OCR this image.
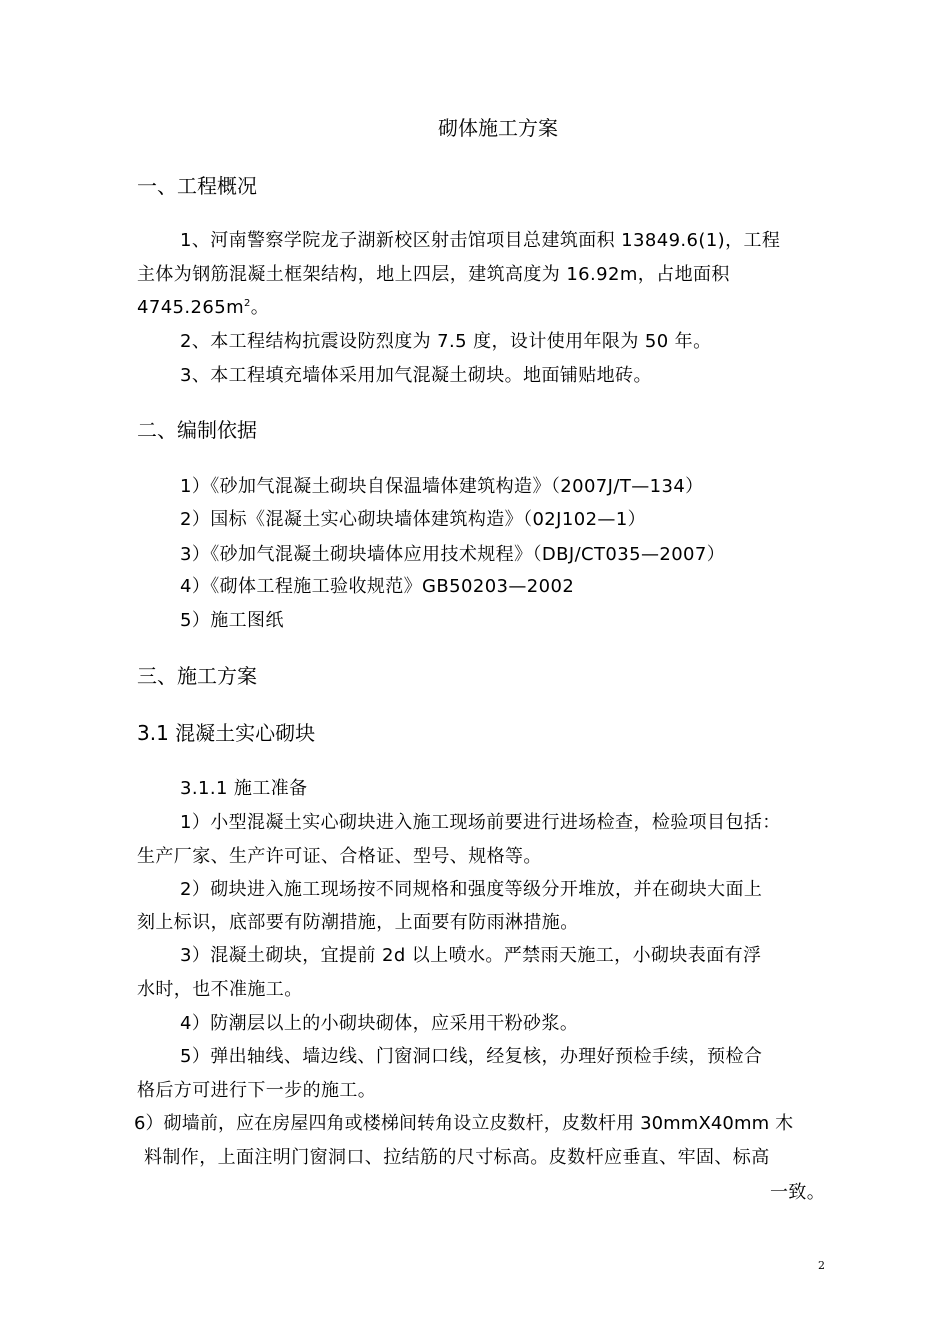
砌体施工方案
一、工程概况
1、河南警察学院龙子湖新校区射击馆项目总建筑面积 13849.6(1)，工程
主体为钢筋混凝土框架结构，地上四层，建筑高度为 16.92m，占地面积
$4745.265m^2$。
2、本工程结构抗震设防烈度为 7.5 度，设计使用年限为 50 年。
3、本工程填充墙体采用加气混凝土砌块。地面铺贴地砖。
二、编制依据
1）《砂加气混凝土砌块自保温墙体建筑构造》（2007J/T—134）
2）国标《混凝土实心砌块墙体建筑构造》（02J102—1）
3）《砂加气混凝土砌块墙体应用技术规程》（DBJ/CT035—2007）
4）《砌体工程施工验收规范》GB50203—2002
5）施工图纸
三、施工方案
3.1 混凝土实心砌块
3.1.1 施工准备
1）小型混凝土实心砌块进入施工现场前要进行进场检查，检验项目包括：
生产厂家、生产许可证、合格证、型号、规格等。
2）砌块进入施工现场按不同规格和强度等级分开堆放，并在砌块大面上
刻上标识，底部要有防潮措施，上面要有防雨淋措施。
3）混凝土砌块，宜提前 2d 以上喷水。严禁雨天施工，小砌块表面有浮
水时，也不准施工。
4）防潮层以上的小砌块砌体，应采用干粉砂浆。
5）弹出轴线、墙边线、门窗洞口线，经复核，办理好预检手续，预检合
格后方可进行下一步的施工。
6）砌墙前，应在房屋四角或楼梯间转角设立皮数杆，皮数杆用 30mmX40mm 木
料制作，上面注明门窗洞口、拉结筋的尺寸标高。皮数杆应垂直、牢固、标高
一致。
2
